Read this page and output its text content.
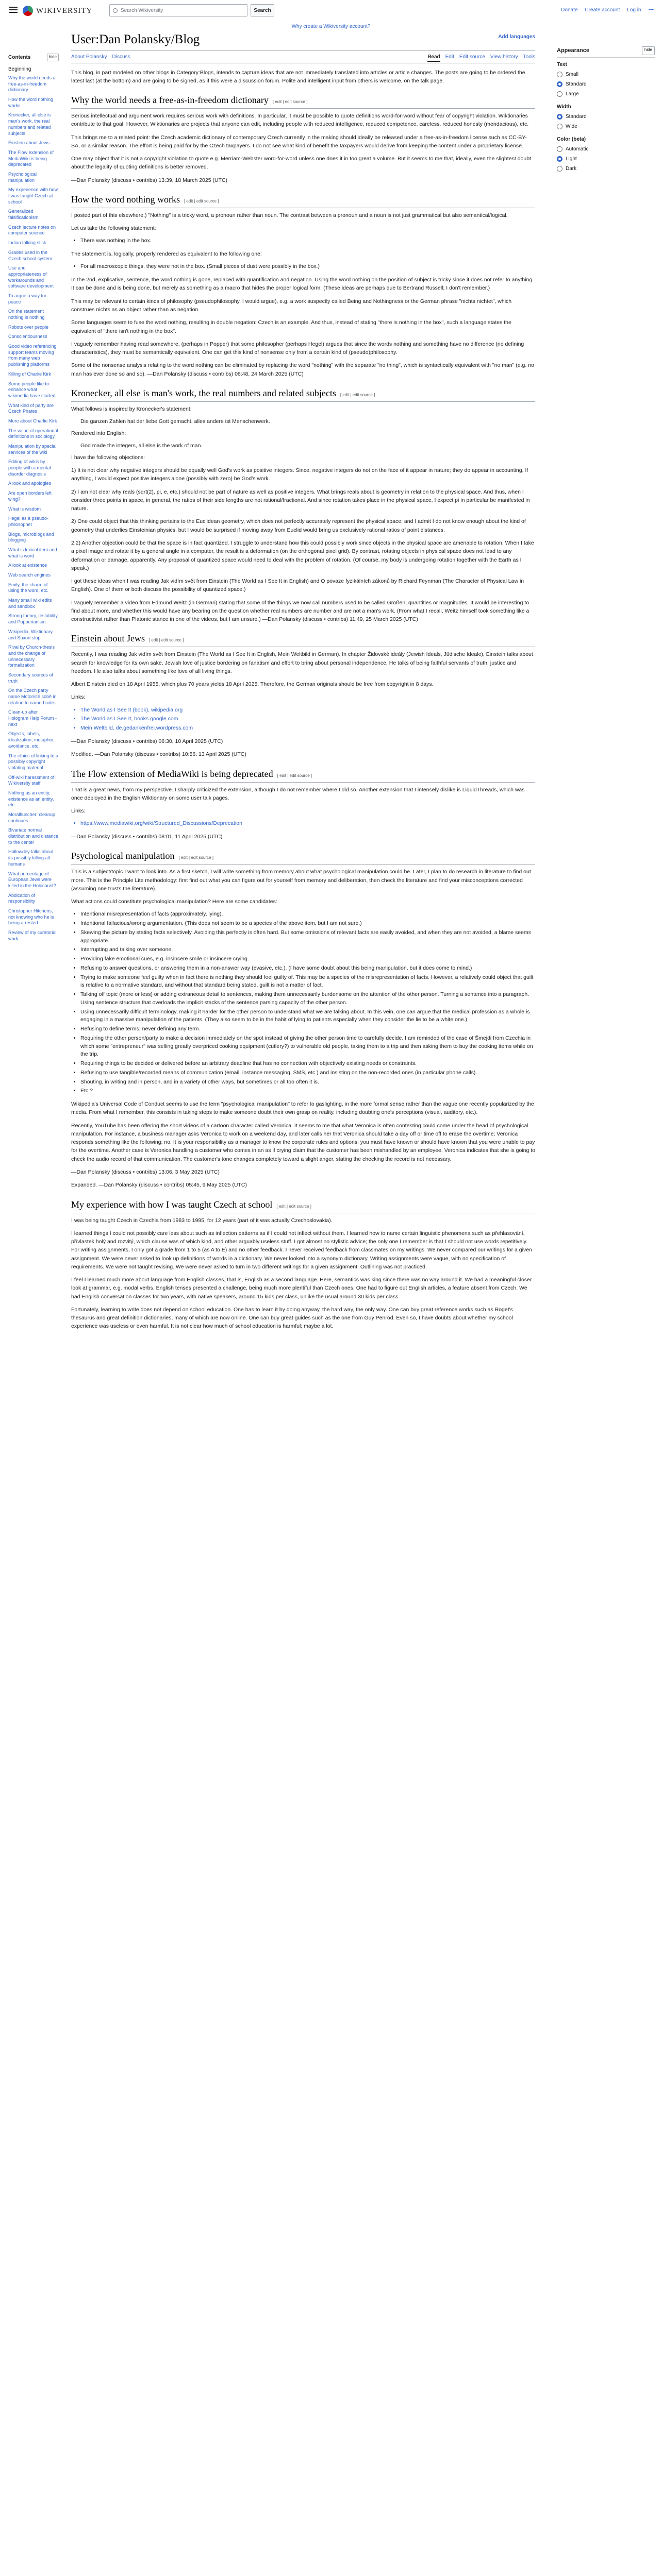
WIKIVERSITY	Search Wikiversity	Search	Donate Create account Log in •••
Why create a Wikiversity account?
Contents	hide
Beginning
Why the world needs a free-as-in-freedom dictionary
How the word nothing works
Kronecker, all else is man's work, the real numbers and related subjects
Einstein about Jews
The Flow extension of MediaWiki is being deprecated
Psychological manipulation
My experience with how I was taught Czech at school
Generalized falsificationism
Czech lecture notes on computer science
Indian talking stick
Grades used in the Czech school system
Use and appropriateness of workarounds and software development
To argue a way for peace
On the statement nothing is nothing
Robots over people
Conscientiousness
Good video referencing support teams moving from many web publishing platforms
Killing of Charlie Kirk
Some people like to enhance what wikimedia have started
What kind of party are Czech Pirates
More about Charlie Kirk
The value of operational definitions in sociology
Manipulation by special services of the wiki
Editing of wikis by people with a mental disorder diagnosis
A look and apologies
Are open borders left wing?
What is wisdom
Hegel as a pseudo-philosopher
Blogs, microblogs and blogging
What is lexical item and what is word
A look at existence
Web search engines
Emily, the charm of using the word, etc.
Many small wiki edits and sandbox
Strong theory, testability and Popperianism
Wikipedia, Wiktionary and Saxon stop
Rival by Church-thesis and the change of unnecessary formalization
Secondary sources of truth
On the Czech party name Motoristé sobě in relation to named rules
Clean-up after Hologram Help Forum - next
Objects, labels, idealization, metaphor, avoidance, etc.
The ethics of linking to a possibly copyright violating material
Off-wiki harassment of Wikiversity staff
Nothing as an entity; existence as an entity, etc.
Moralfluncher: cleanup continues
Bivariate normal distribution and distance to the center
Hollowdey talks about its possibly killing all humans
What percentage of European Jews were killed in the Holocaust?
Abdication of responsibility
Christopher Hitchens, not knowing who he is being arrested
Review of my curatorial work
User:Dan Polansky/Blog	Add languages
About Polansky Discuss	Read Edit Edit source View history Tools

This blog, in part modeled on other blogs in Category:Blogs, intends to capture ideas that are not immediately translated into articles or article changes. The posts are going to be ordered the latest last (at the bottom) and are going to be signed, as if this were a discussion forum. Polite and intelligent input from others is welcome, on the talk page.

Why the world needs a free-as-in-freedom dictionary [ edit | edit source ]

Serious intellectual and argument work requires serious work with definitions. In particular, it must be possible to quote definitions word-for-word without fear of copyright violation. Wiktionaries contribute to that goal. However, Wiktionaries are projects that anyone can edit, including people with reduced intelligence, reduced competence, careless, reduced honesty (mendacious), etc.

This brings me to a related point: the Czech academic dictionary of contemporary Czech currently in the making should ideally be released under a free-as-in-freedom license such as CC-BY-SA, or a similar reason. The effort is being paid for by the Czech taxpayers. I do not see what kind of benefit the taxpayers would derive from keeping the content under a proprietary license.

One may object that it is not a copyright violation to quote e.g. Merriam-Webster word-for-word unless one does it in too great a volume. But it seems to me that, ideally, even the slightest doubt about the legality of quoting definitions is better removed.

—Dan Polansky (discuss • contribs) 13:39, 18 March 2025 (UTC)

How the word nothing works [ edit | edit source ]

I posted part of this elsewhere.) "Nothing" is a tricky word, a pronoun rather than noun. The contrast between a pronoun and a noun is not just grammatical but also semantical/logical.

Let us take the following statement:

• There was nothing in the box.

The statement is, logically, properly rendered as equivalent to the following one:

• For all macroscopic things, they were not in the box. (Small pieces of dust were possibly in the box.)

In the 2nd, explicative, sentence, the word nothing is gone, replaced with quantification and negation. Using the word nothing on the position of subject is tricky since it does not refer to anything. It can be done and is being done, but merely as something as a macro that hides the proper logical form. (These ideas are perhaps due to Bertrand Russell; I don't remember.)

This may be relevant to certain kinds of philosophy (pseudophilosophy, I would argue), e.g. a work suspectly called Being and Nothingness or the German phrase "nichts nichtet", which construes nichts as an object rather than as negation.

Some languages seem to fuse the word nothing, resulting in double negation: Czech is an example. And thus, instead of stating "there is nothing in the box", such a language states the equivalent of "there isn't nothing in the box".

I vaguely remember having read somewhere, (perhaps in Popper) that some philosopher (perhaps Hegel) argues that since the words nothing and something have no difference (no defining characteristics), they must be semantically equivalent. One can get this kind of nonsense only from a certain kind of (pseudo)philosophy.

Some of the nonsense analysis relating to the word nothing can be eliminated by replacing the word "nothing" with the separate "no thing", which is syntactically equivalent with "no man" (e.g. no man has ever done so and so). —Dan Polansky (discuss • contribs) 06:48, 24 March 2025 (UTC)

Kronecker, all else is man's work, the real numbers and related subjects [ edit | edit source ]

What follows is inspired by Kronecker's statement:

Die ganzen Zahlen hat der liebe Gott gemacht, alles andere ist Menschenwerk.

Rendered into English:

God made the integers, all else is the work of man.

I have the following objections:

1) It is not clear why negative integers should be equally well God's work as positive integers. Since, negative integers do not on the face of it appear in nature; they do appear in accounting. If anything, I would expect positive integers alone (possibly with zero) be God's work.

2) I am not clear why reals (sqrt(2), pi, e, etc.) should not be part of nature as well as positive integers. What brings reals about is geometry in relation to the physical space. And thus, when I consider three points in space, in general, the ratios of their side lengths are not rational/fractional. And since rotation takes place in the physical space, I expect pi in particular be manifested in nature.

2) One could object that this thinking pertains to the Euclidean geometry, which does not perfectly accurately represent the physical space; and I admit I do not know enough about the kind of geometry that underlies Einsteinian physics, but I would be surprised if moving away from Euclid would bring us exclusively rational ratios of point distances.

2.2) Another objection could be that the space is in fact quantized. I struggle to understand how this could possibly work since objects in the physical space are amenable to rotation. When I take a pixel image and rotate it by a general angle in a computer, the result is a deformation (on the orthogonal pixel grid). By contrast, rotating objects in physical space does not lead to any deformation or damage, apparently. Any proposal of quantized space would need to deal with the problem of rotation. (Of course, my body is undergoing rotation together with the Earth as I speak.)

I got these ideas when I was reading Jak vidím svět from Einstein (The World as I See It in English) and O povaze fyzikálních zákonů by Richard Feynman (The Character of Physical Law in English). One of them or both discuss the possibility of quantized space.)

I vaguely remember a video from Edmund Weitz (in German) stating that some of the things we now call numbers used to be called Größen, quantities or magnitudes. It would be interesting to find about more, and whether this would have any bearing on the question whether real numbers are number and are not a man's work. (From what I recall, Weitz himself took something like a constructivist rather than Platonic stance in one of the videos, but I am unsure.) —Dan Polansky (discuss • contribs) 11:49, 25 March 2025 (UTC)

Einstein about Jews [ edit | edit source ]

Recently, I was reading Jak vidím svět from Einstein (The World as I See It in English, Mein Weltbild in German). In chapter Židovské ideály (Jewish Ideals, Jüdische Ideale), Einstein talks about search for knowledge for its own sake, Jewish love of justice bordering on fanatism and effort to bring about personal independence. He talks of being faithful servants of truth, justice and freedom. He also talks about something like love of all living things.

Albert Einstein died on 18 April 1955, which plus 70 years yields 18 April 2025. Therefore, the German originals should be free from copyright in 8 days.

Links:

• The World as I See It (book), wikipedia.org
• The World as I See It, books.google.com
• Mein Weltbild, de.gedankenfrei.wordpress.com

—Dan Polansky (discuss • contribs) 06:30, 10 April 2025 (UTC)

Modified. —Dan Polansky (discuss • contribs) 10:56, 13 April 2025 (UTC)

The Flow extension of MediaWiki is being deprecated [ edit | edit source ]

That is a great news, from my perspective. I sharply criticized the extension, although I do not remember where I did so. Another extension that I intensely dislike is LiquidThreads, which was once deployed in the English Wiktionary on some user talk pages.

Links:

• https://www.mediawiki.org/wiki/Structured_Discussions/Deprecation

—Dan Polansky (discuss • contribs) 08:01, 11 April 2025 (UTC)

Psychological manipulation [ edit | edit source ]

This is a subject/topic I want to look into. As a first sketch, I will write something from memory about what psychological manipulation could be. Later, I plan to do research in literature to find out more. This is the Principle Lite methodology: first find out what you can figure out for yourself from memory and deliberation, then check the literature and find your misconceptions corrected (assuming one trusts the literature).

What actions could constitute psychological manipulation? Here are some candidates:

• Intentional misrepresentation of facts (approximately, lying).
• Intentional fallacious/wrong argumentation. (This does not seem to be a species of the above item, but I am not sure.)
• Skewing the picture by stating facts selectively. Avoiding this perfectly is often hard. But some omissions of relevant facts are easily avoided, and when they are not avoided, a blame seems appropriate.
• Interrupting and talking over someone.
• Providing fake emotional cues, e.g. insincere smile or insincere crying.
• Refusing to answer questions, or answering them in a non-answer way (evasive, etc.). (I have some doubt about this being manipulation, but it does come to mind.)
• Trying to make someone feel guilty when in fact there is nothing they should feel guilty of. This may be a species of the misrepresentation of facts. However, a relatively could object that guilt is relative to a normative standard, and without that standard being stated, guilt is not a matter of fact.
• Talking off topic (more or less) or adding extraneous detail to sentences, making them unnecessarily burdensome on the attention of the other person. Turning a sentence into a paragraph. Using sentence structure that overloads the implicit stacks of the sentence parsing capacity of the other person.
• Using unnecessarily difficult terminology, making it harder for the other person to understand what we are talking about. In this vein, one can argue that the medical profession as a whole is engaging in a massive manipulation of the patients. (They also seem to be in the habit of lying to patients especially when they consider the lie to be a white one.)
• Refusing to define terms; never defining any term.
• Requiring the other person/party to make a decision immediately on the spot instead of giving the other person time to carefully decide. I am reminded of the case of Šmejdi from Czechia in which some "entrepreneur" was selling greatly overpriced cooking equipment (cutlery?) to vulnerable old people, taking them to a trip and then asking them to buy the cooking items while on the trip.
• Requiring things to be decided or delivered before an arbitrary deadline that has no connection with objectively existing needs or constraints.
• Refusing to use tangible/recorded means of communication (email, instance messaging, SMS, etc.) and insisting on the non-recorded ones (in particular phone calls).
• Shouting, in writing and in person, and in a variety of other ways, but sometimes or all too often it is.
• Etc.?

Wikipedia's Universal Code of Conduct seems to use the term "psychological manipulation" to refer to gaslighting, in the more formal sense rather than the vague one recently popularized by the media. From what I remember, this consists in taking steps to make someone doubt their own grasp on reality, including doubting one's perceptions (visual, auditory, etc.).

Recently, YouTube has been offering the short videos of a cartoon character called Veronica. It seems to me that what Veronica is often contesting could come under the head of psychological manipulation. For instance, a business manager asks Veronica to work on a weekend day, and later calls her that Veronica should take a day off or time off to erase the overtime; Veronica responds something like the following: no. It is your responsibility as a manager to know the corporate rules and options; you must have known or should have known that you were unable to pay for the overtime. Another case is Veronica handling a customer who comes in an as if crying claim that the customer has been mishandled by an employee. Veronica indicates that she is going to check the audio record of that communication. The customer's tone changes completely toward a slight anger, stating the checking the record is not necessary.

—Dan Polansky (discuss • contribs) 13:06, 3 May 2025 (UTC)

Expanded. —Dan Polansky (discuss • contribs) 05:45, 9 May 2025 (UTC)

My experience with how I was taught Czech at school [ edit | edit source ]

I was being taught Czech in Czechia from 1983 to 1995, for 12 years (part of it was actually Czechoslovakia).

I learned things I could not possibly care less about such as inflection patterns as if I could not inflect without them. I learned how to name certain linguistic phenomena such as přehlasování, přívlastek holý and rozvitý, which clause was of which kind, and other arguably useless stuff. I got almost no stylistic advice; the only one I remember is that I should not use words repetitively. For writing assignments, I only got a grade from 1 to 5 (as A to E) and no other feedback. I never received feedback from classmates on my writings. We never compared our writings for a given assignment. We were never asked to look up definitions of words in a dictionary. We never looked into a synonym dictionary. Writing assignments were vague, with no specification of requirements. We were not taught revising. We were never asked to turn in two different writings for a given assignment. Outlining was not practiced.

I feel I learned much more about language from English classes, that is, English as a second language. Here, semantics was king since there was no way around it. We had a meaningful closer look at grammar, e.g. modal verbs. English tenses presented a challenge, being much more plentiful than Czech ones. One had to figure out English articles, a feature absent from Czech. We had English conversation classes for two years, with native speakers, around 15 kids per class, unlike the usual around 30 kids per class.

Fortunately, learning to write does not depend on school education. One has to learn it by doing anyway, the hard way, the only way. One can buy great reference works such as Roget's thesaurus and great definition dictionaries, many of which are now online. One can buy great guides such as the one from Guy Penrod. Even so, I have doubts about whether my school experience was useless or even harmful. It is not clear how much of school education is harmful; maybe a lot.

Appearance	hide
Text
Small
Standard
Large
Width
Standard
Wide
Color (beta)
Automatic
Light
Dark
